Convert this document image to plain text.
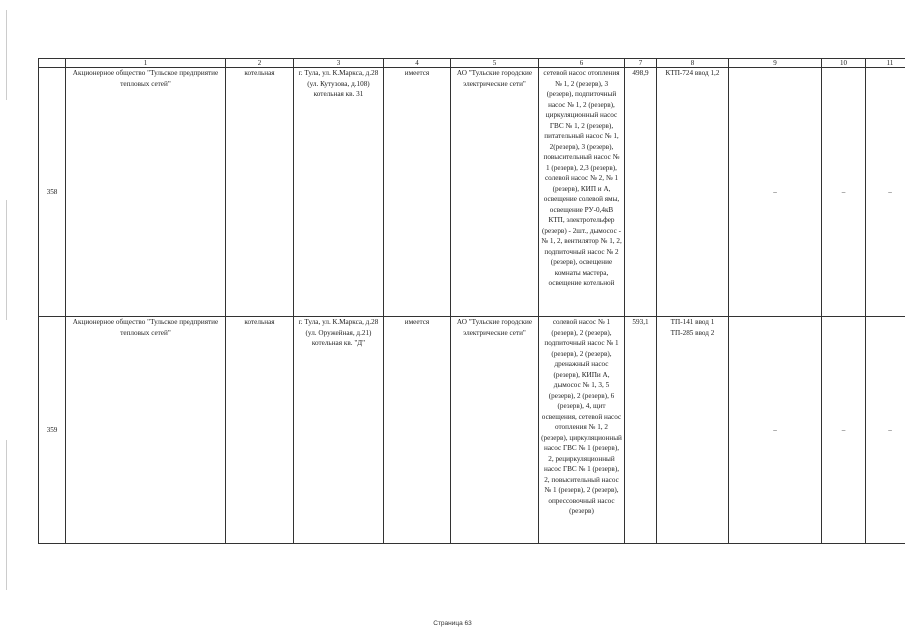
	1	2	3	4	5	6	7	8	9	10	11
358	Акционерное общество "Тульское предприятие тепловых сетей"	котельная	г. Тула, ул. К.Маркса, д.28 (ул. Кутузова, д.108) котельная кв. 31	имеется	АО "Тульские городские электрические сети"	сетевой насос отопления № 1, 2 (резерв), 3 (резерв), подпиточный насос № 1, 2 (резерв), циркуляционный насос ГВС № 1, 2 (резерв), питательный насос № 1, 2(резерв), 3 (резерв), повысительный насос № 1 (резерв), 2,3 (резерв), солевой насос № 2, № 1 (резерв), КИП и А, освещение солевой ямы, освещение РУ-0,4кВ КТП, электротельфер (резерв) - 2шт., дымосос - № 1, 2, вентилятор № 1, 2, подпиточный насос № 2 (резерв), освещение комнаты мастера, освещение котельной	498,9	КТП-724 ввод 1,2	–	–	–
359	Акционерное общество "Тульское предприятие тепловых сетей"	котельная	г. Тула, ул. К.Маркса, д.28 (ул. Оружейная, д.21) котельная кв. "Д"	имеется	АО "Тульские городские электрические сети"	солевой насос № 1 (резерв), 2 (резерв), подпиточный насос № 1 (резерв), 2 (резерв), дренажный насос (резерв), КИПи А, дымосос № 1, 3, 5 (резерв), 2 (резерв), 6 (резерв), 4, щит освещения, сетевой насос отопления № 1, 2 (резерв), циркуляционный насос ГВС № 1 (резерв), 2, рециркуляционный насос ГВС № 1 (резерв), 2, повысительный насос № 1 (резерв), 2 (резерв), опрессовочный насос (резерв)	593,1	ТП-141 ввод 1 ТП-285 ввод 2	–	–	–
Страница 63
